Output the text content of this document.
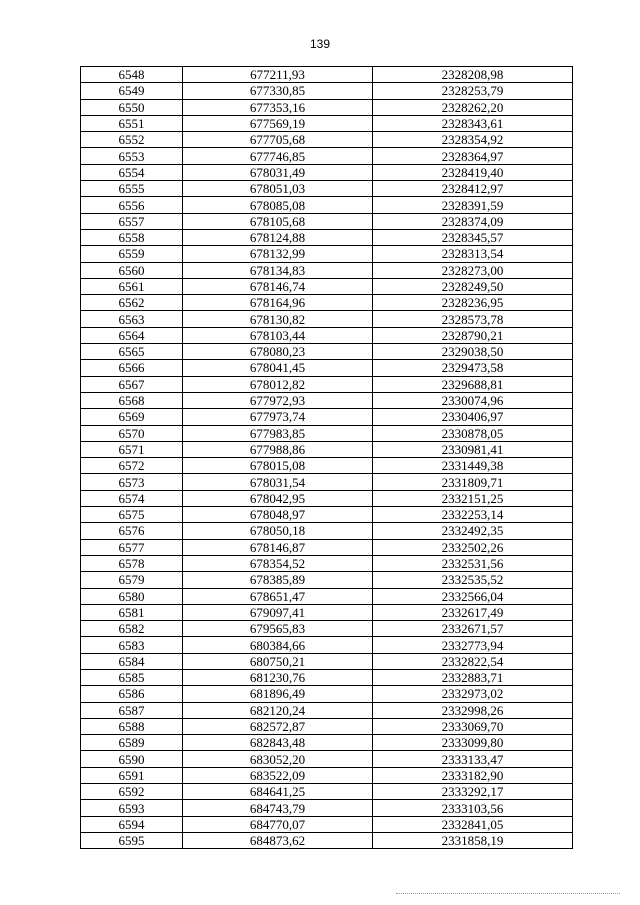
139
6548	677211,93	2328208,98
6549	677330,85	2328253,79
6550	677353,16	2328262,20
6551	677569,19	2328343,61
6552	677705,68	2328354,92
6553	677746,85	2328364,97
6554	678031,49	2328419,40
6555	678051,03	2328412,97
6556	678085,08	2328391,59
6557	678105,68	2328374,09
6558	678124,88	2328345,57
6559	678132,99	2328313,54
6560	678134,83	2328273,00
6561	678146,74	2328249,50
6562	678164,96	2328236,95
6563	678130,82	2328573,78
6564	678103,44	2328790,21
6565	678080,23	2329038,50
6566	678041,45	2329473,58
6567	678012,82	2329688,81
6568	677972,93	2330074,96
6569	677973,74	2330406,97
6570	677983,85	2330878,05
6571	677988,86	2330981,41
6572	678015,08	2331449,38
6573	678031,54	2331809,71
6574	678042,95	2332151,25
6575	678048,97	2332253,14
6576	678050,18	2332492,35
6577	678146,87	2332502,26
6578	678354,52	2332531,56
6579	678385,89	2332535,52
6580	678651,47	2332566,04
6581	679097,41	2332617,49
6582	679565,83	2332671,57
6583	680384,66	2332773,94
6584	680750,21	2332822,54
6585	681230,76	2332883,71
6586	681896,49	2332973,02
6587	682120,24	2332998,26
6588	682572,87	2333069,70
6589	682843,48	2333099,80
6590	683052,20	2333133,47
6591	683522,09	2333182,90
6592	684641,25	2333292,17
6593	684743,79	2333103,56
6594	684770,07	2332841,05
6595	684873,62	2331858,19
